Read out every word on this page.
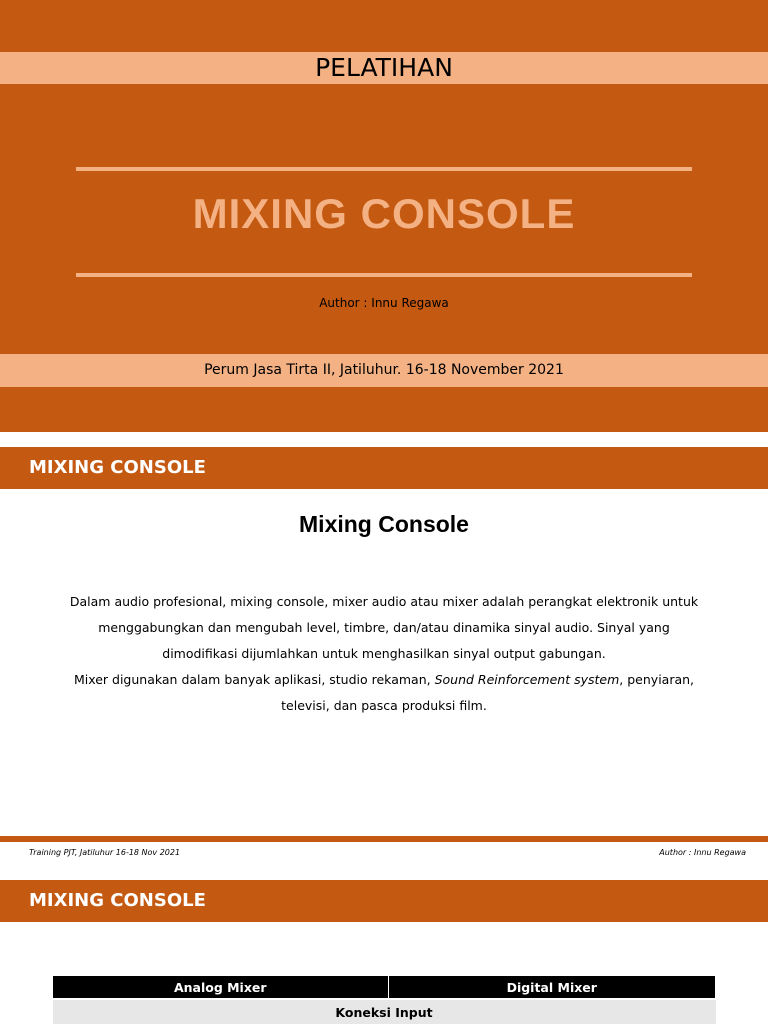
PELATIHAN
MIXING CONSOLE
Author : Innu Regawa
Perum Jasa Tirta II, Jatiluhur. 16-18 November 2021
MIXING CONSOLE
Mixing Console
Dalam audio profesional, mixing console, mixer audio atau mixer adalah perangkat elektronik untuk menggabungkan dan mengubah level, timbre, dan/atau dinamika sinyal audio. Sinyal yang dimodifikasi dijumlahkan untuk menghasilkan sinyal output gabungan.
Mixer digunakan dalam banyak aplikasi, studio rekaman, Sound Reinforcement system, penyiaran, televisi, dan pasca produksi film.
Training PJT, Jatiluhur 16-18 Nov 2021	Author : Innu Regawa
MIXING CONSOLE
Analog Mixer	Digital Mixer
Koneksi Input
